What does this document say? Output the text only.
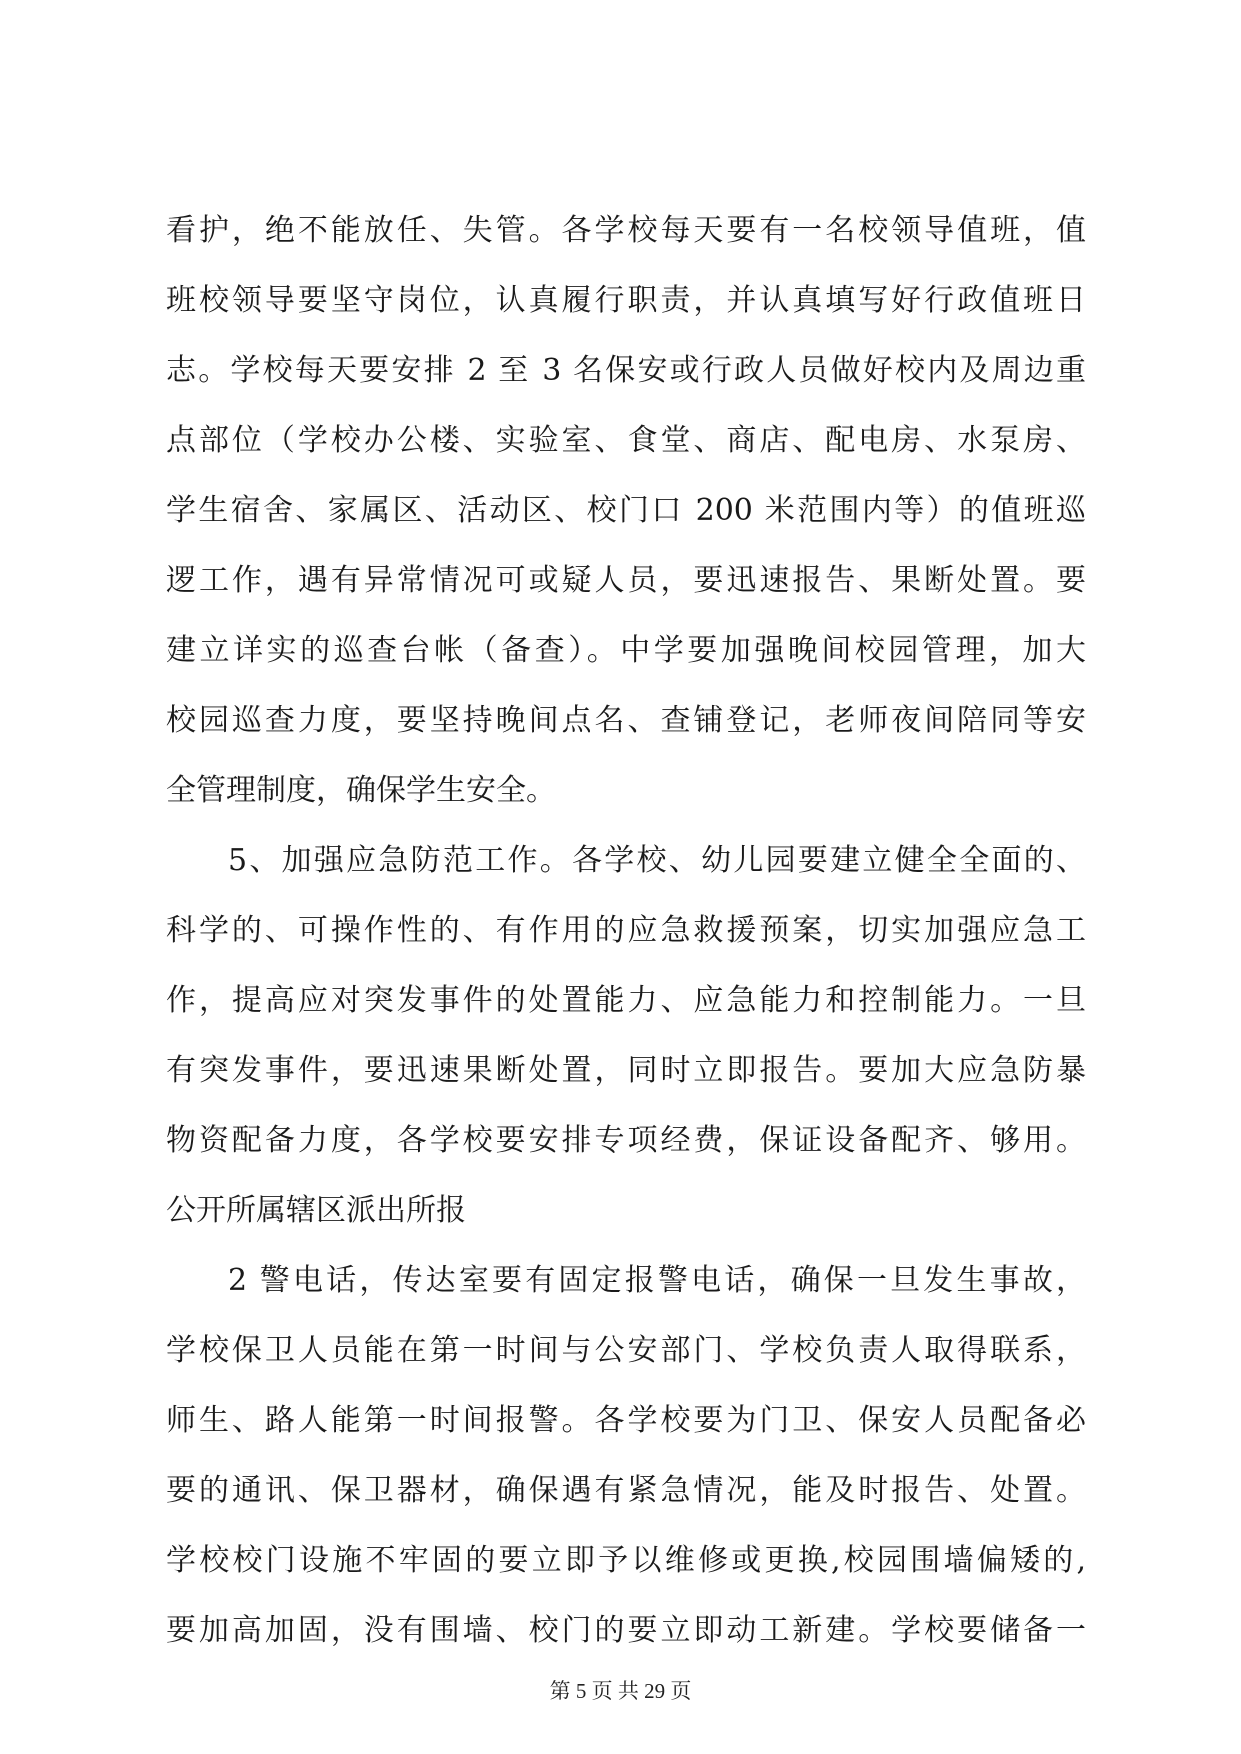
看护，绝不能放任、失管。各学校每天要有一名校领导值班，值
班校领导要坚守岗位，认真履行职责，并认真填写好行政值班日
志。学校每天要安排 2 至 3 名保安或行政人员做好校内及周边重
点部位（学校办公楼、实验室、食堂、商店、配电房、水泵房、
学生宿舍、家属区、活动区、校门口 200 米范围内等）的值班巡
逻工作，遇有异常情况可或疑人员，要迅速报告、果断处置。要
建立详实的巡查台帐（备查）。中学要加强晚间校园管理，加大
校园巡查力度，要坚持晚间点名、查铺登记，老师夜间陪同等安
全管理制度，确保学生安全。
5、加强应急防范工作。各学校、幼儿园要建立健全全面的、
科学的、可操作性的、有作用的应急救援预案，切实加强应急工
作，提高应对突发事件的处置能力、应急能力和控制能力。一旦
有突发事件，要迅速果断处置，同时立即报告。要加大应急防暴
物资配备力度，各学校要安排专项经费，保证设备配齐、够用。
公开所属辖区派出所报
2 警电话，传达室要有固定报警电话，确保一旦发生事故，
学校保卫人员能在第一时间与公安部门、学校负责人取得联系，
师生、路人能第一时间报警。各学校要为门卫、保安人员配备必
要的通讯、保卫器材，确保遇有紧急情况，能及时报告、处置。
学校校门设施不牢固的要立即予以维修或更换,校园围墙偏矮的,
要加高加固，没有围墙、校门的要立即动工新建。学校要储备一
第 5 页 共 29 页
